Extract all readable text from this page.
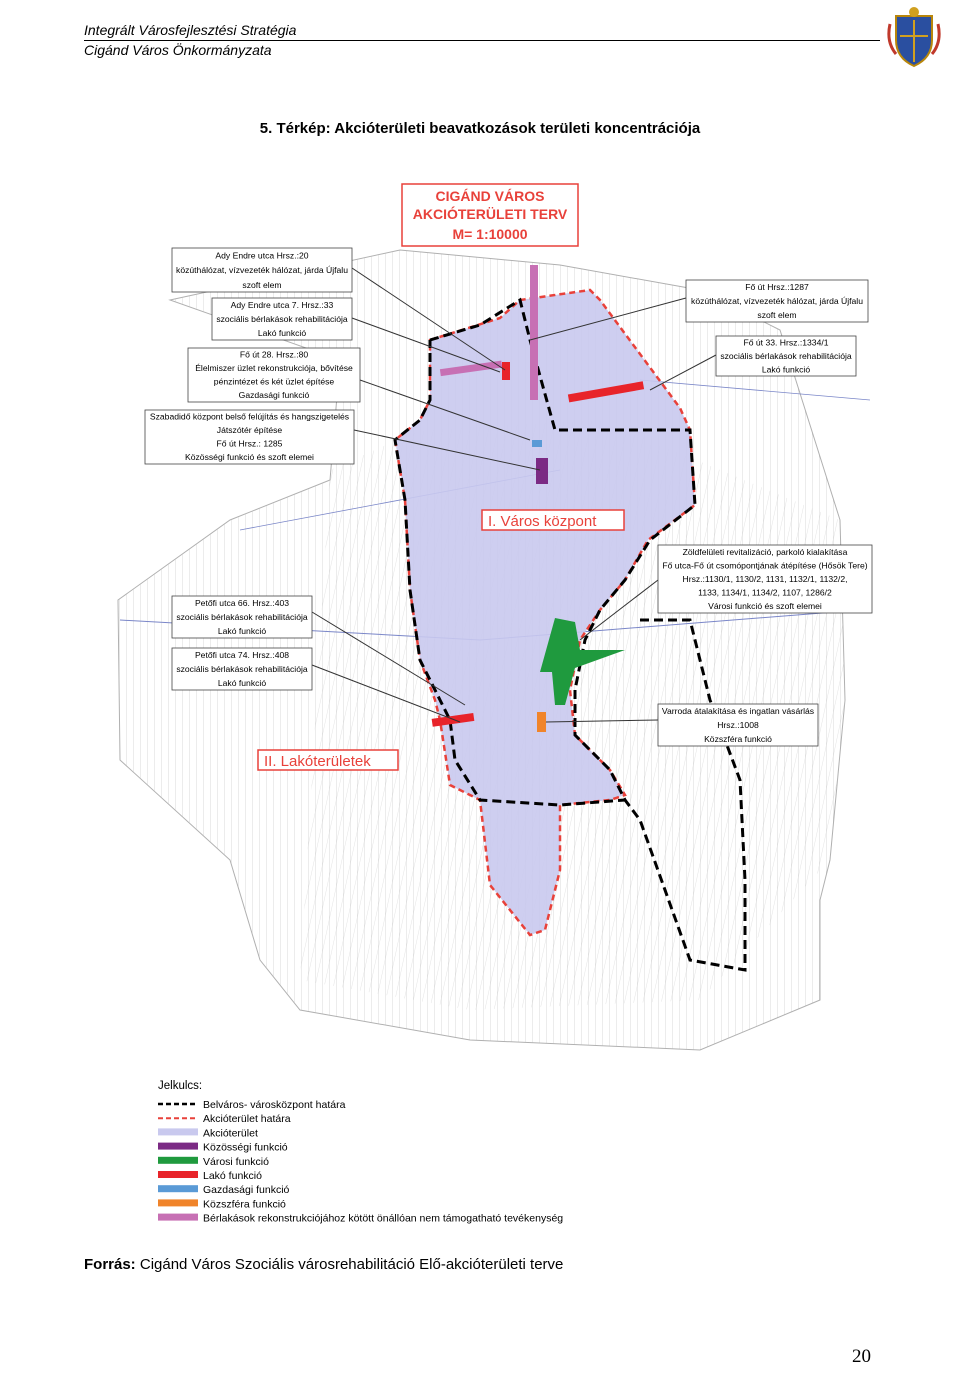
Integrált Városfejlesztési Stratégia
Cigánd Város Önkormányzata
5. Térkép: Akcióterületi beavatkozások területi koncentrációja
CIGÁND VÁROS
AKCIÓTERÜLETI TERV
M= 1:10000
I. Város központ
II. Lakóterületek
Ady Endre utca Hrsz.:20
közúthálózat, vízvezeték hálózat, járda Újfalu
szoft elem
Ady Endre utca 7. Hrsz.:33
szociális bérlakások rehabilitációja
Lakó funkció
Fő út 28. Hrsz.:80
Élelmiszer üzlet rekonstrukciója, bővítése
pénzintézet és két üzlet építése
Gazdasági funkció
Szabadidő központ belső felújítás és hangszigetelés
Játszótér építése
Fő út Hrsz.: 1285
Közösségi funkció és szoft elemei
Fő út Hrsz.:1287
közúthálózat, vízvezeték hálózat, járda Újfalu
szoft elem
Fő út 33. Hrsz.:1334/1
szociális bérlakások rehabilitációja
Lakó funkció
Zöldfelületi revitalizáció, parkoló kialakítása
Fő utca-Fő út csomópontjának átépítése (Hősök Tere)
Hrsz.:1130/1, 1130/2, 1131, 1132/1, 1132/2,
1133, 1134/1, 1134/2, 1107, 1286/2
Városi funkció és szoft elemei
Petőfi utca 66. Hrsz.:403
szociális bérlakások rehabilitációja
Lakó funkció
Petőfi utca 74. Hrsz.:408
szociális bérlakások rehabilitációja
Lakó funkció
Varroda átalakítása és ingatlan vásárlás
Hrsz.:1008
Közszféra funkció
Jelkulcs:
Belváros- városközpont határa
Akcióterület határa
Akcióterület
Közösségi funkció
Városi funkció
Lakó funkció
Gazdasági funkció
Közszféra funkció
Bérlakások rekonstrukciójához kötött önállóan nem támogatható tevékenység
Forrás: Cigánd Város Szociális városrehabilitáció Elő-akcióterületi terve
20
